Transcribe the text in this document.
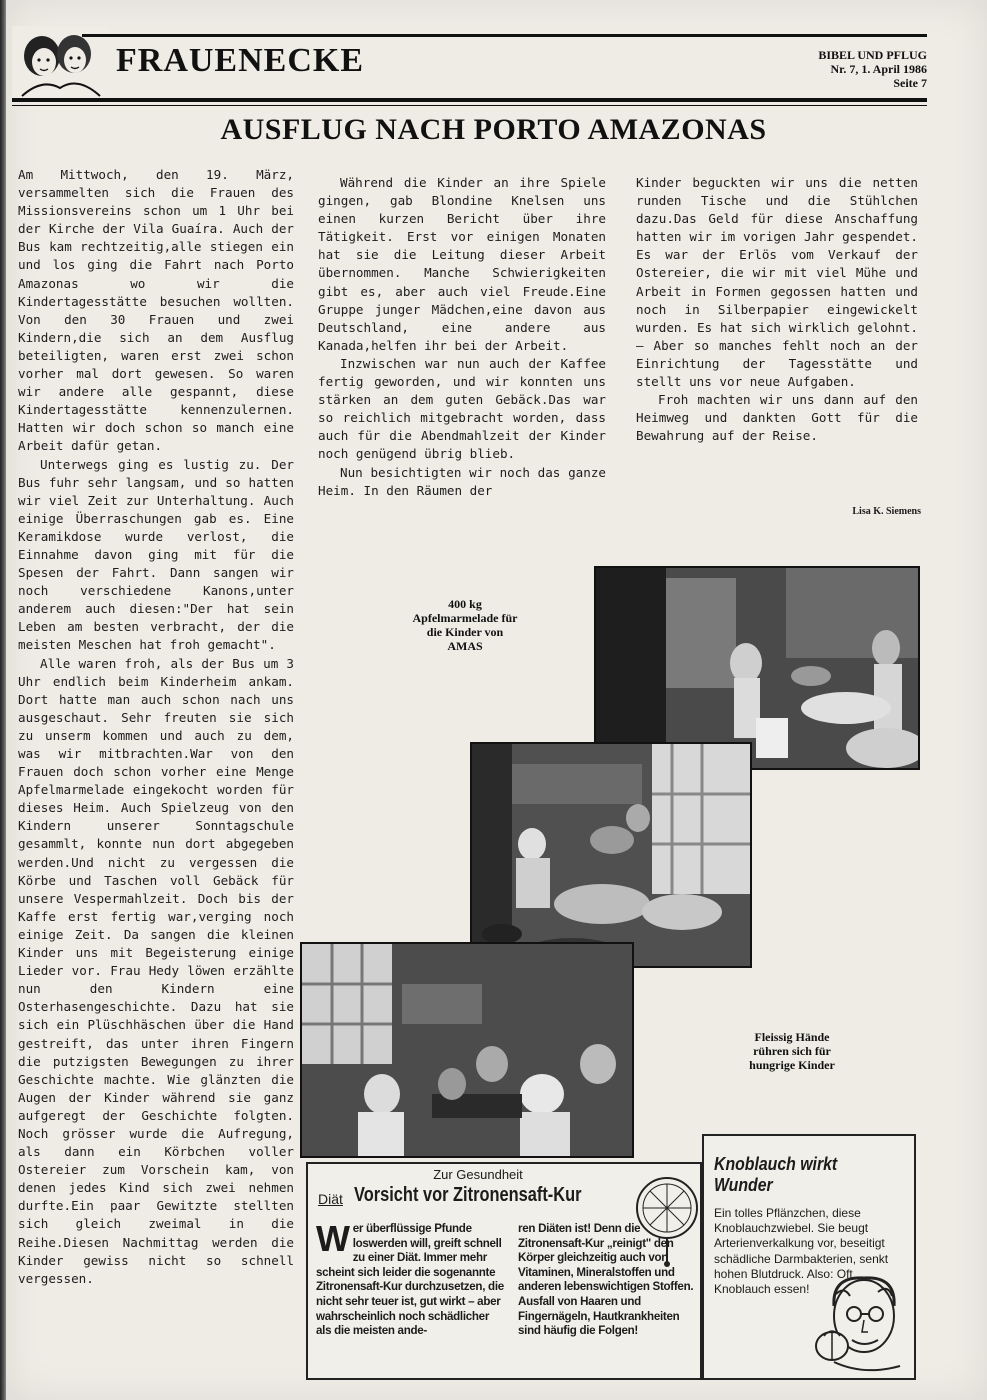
FRAUENECKE	BIBEL UND PFLUG
Nr. 7, 1. April 1986
Seite 7
AUSFLUG NACH PORTO AMAZONAS

Am Mittwoch, den 19. März, versammelten sich die Frauen des Missionsvereins schon um 1 Uhr bei der Kirche der Vila Guaíra. Auch der Bus kam rechtzeitig,alle stiegen ein und los ging die Fahrt nach Porto Amazonas wo wir die Kindertagesstätte besuchen wollten. Von den 30 Frauen und zwei Kindern,die sich an dem Ausflug beteiligten, waren erst zwei schon vorher mal dort gewesen. So waren wir andere alle gespannt, diese Kindertagesstätte kennenzulernen. Hatten wir doch schon so manch eine Arbeit dafür getan.

Unterwegs ging es lustig zu. Der Bus fuhr sehr langsam, und so hatten wir viel Zeit zur Unterhaltung. Auch einige Überraschungen gab es. Eine Keramikdose wurde verlost, die Einnahme davon ging mit für die Spesen der Fahrt. Dann sangen wir noch verschiedene Kanons,unter anderem auch diesen:"Der hat sein Leben am besten verbracht, der die meisten Meschen hat froh gemacht".

Alle waren froh, als der Bus um 3 Uhr endlich beim Kinderheim ankam. Dort hatte man auch schon nach uns ausgeschaut. Sehr freuten sie sich zu unserm kommen und auch zu dem, was wir mitbrachten.War von den Frauen doch schon vorher eine Menge Apfelmarmelade eingekocht worden für dieses Heim. Auch Spielzeug von den Kindern unserer Sonntagschule gesammlt, konnte nun dort abgegeben werden.Und nicht zu vergessen die Körbe und Taschen voll Gebäck für unsere Vespermahlzeit. Doch bis der Kaffe erst fertig war,verging noch einige Zeit. Da sangen die kleinen Kinder uns mit Begeisterung einige Lieder vor. Frau Hedy löwen erzählte nun den Kindern eine Osterhasengeschichte. Dazu hat sie sich ein Plüschhäschen über die Hand gestreift, das unter ihren Fingern die putzigsten Bewegungen zu ihrer Geschichte machte. Wie glänzten die Augen der Kinder während sie ganz aufgeregt der Geschichte folgten. Noch grösser wurde die Aufregung, als dann ein Körbchen voller Ostereier zum Vorschein kam, von denen jedes Kind sich zwei nehmen durfte.Ein paar Gewitzte stellten sich gleich zweimal in die Reihe.Diesen Nachmittag werden die Kinder gewiss nicht so schnell vergessen.

Während die Kinder an ihre Spiele gingen, gab Blondine Knelsen uns einen kurzen Bericht über ihre Tätigkeit. Erst vor einigen Monaten hat sie die Leitung dieser Arbeit übernommen. Manche Schwierigkeiten gibt es, aber auch viel Freude.Eine Gruppe junger Mädchen,eine davon aus Deutschland, eine andere aus Kanada,helfen ihr bei der Arbeit.

Inzwischen war nun auch der Kaffee fertig geworden, und wir konnten uns stärken an dem guten Gebäck.Das war so reichlich mitgebracht worden, dass auch für die Abendmahlzeit der Kinder noch genügend übrig blieb.

Nun besichtigten wir noch das ganze Heim. In den Räumen der

Kinder beguckten wir uns die netten runden Tische und die Stühlchen dazu.Das Geld für diese Anschaffung hatten wir im vorigen Jahr gespendet. Es war der Erlös vom Verkauf der Ostereier, die wir mit viel Mühe und Arbeit in Formen gegossen hatten und noch in Silberpapier eingewickelt wurden. Es hat sich wirklich gelohnt. — Aber so manches fehlt noch an der Einrichtung der Tagesstätte und stellt uns vor neue Aufgaben.

Froh machten wir uns dann auf den Heimweg und dankten Gott für die Bewahrung auf der Reise.

Lisa K. Siemens
400 kg
Apfelmarmelade für
die Kinder von
AMAS
Fleissig Hände
rühren sich für
hungrige Kinder
Zur Gesundheit
Diät Vorsicht vor Zitronensaft-Kur
Wer überflüssige Pfunde loswerden will, greift schnell zu einer Diät. Immer mehr scheint sich leider die sogenannte Zitronensaft-Kur durchzusetzen, die nicht sehr teuer ist, gut wirkt – aber wahrscheinlich noch schädlicher als die meisten ande-
ren Diäten ist! Denn die Zitronensaft-Kur „reinigt" den Körper gleichzeitig auch von Vitaminen, Mineralstoffen und anderen lebenswichtigen Stoffen. Ausfall von Haaren und Fingernägeln, Hautkrankheiten sind häufig die Folgen!
Knoblauch wirkt Wunder
Ein tolles Pflänzchen, diese Knoblauchzwiebel. Sie beugt Arterienverkalkung vor, beseitigt schädliche Darmbakterien, senkt hohen Blutdruck. Also: Oft Knoblauch essen!
